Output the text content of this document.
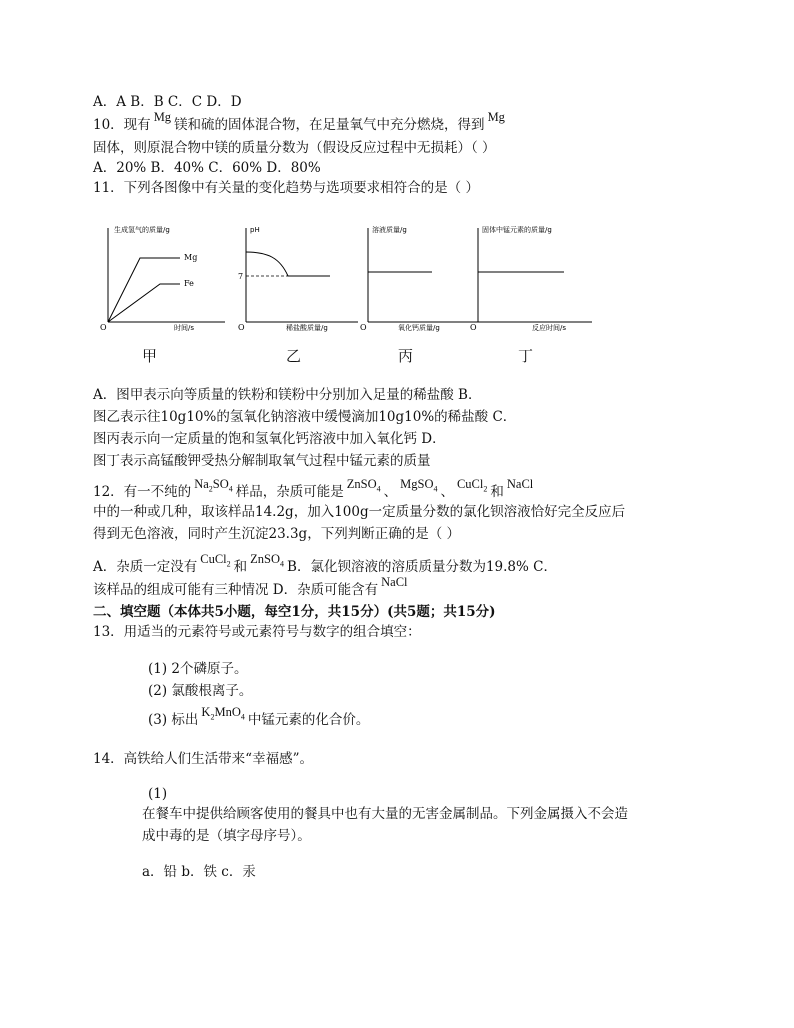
A．A B．B C．C D．D
10．现有 Mg 镁和硫的固体混合物，在足量氧气中充分燃烧，得到 Mg
固体，则原混合物中镁的质量分数为（假设反应过程中无损耗）（ ）
A．20% B．40% C．60% D．80%
11．下列各图像中有关量的变化趋势与选项要求相符合的是（ ）
生成氢气的质量/g
Mg
Fe
O	时间/s
pH
7
O	稀盐酸质量/g
溶液质量/g
O	氧化钙质量/g
固体中锰元素的质量/g
O	反应时间/s
甲	乙	丙	丁
A．图甲表示向等质量的铁粉和镁粉中分别加入足量的稀盐酸 B．
图乙表示往10g10%的氢氧化钠溶液中缓慢滴加10g10%的稀盐酸 C．
图丙表示向一定质量的饱和氢氧化钙溶液中加入氧化钙 D．
图丁表示高锰酸钾受热分解制取氧气过程中锰元素的质量
12．有一不纯的 $Na_2SO_4$ 样品，杂质可能是 ZnSO$_4$ 、 MgSO$_4$ 、 CuCl$_2$ 和 NaCl
中的一种或几种，取该样品14.2g，加入100g一定质量分数的氯化钡溶液恰好完全反应后
得到无色溶液，同时产生沉淀23.3g，下列判断正确的是（ ）
A．杂质一定没有 CuCl$_2$ 和 ZnSO$_4$ B．氯化钡溶液的溶质质量分数为19.8% C．
该样品的组成可能有三种情况 D．杂质可能含有 NaCl
二、填空题（本体共5小题，每空1分，共15分）(共5题；共15分)
13．用适当的元素符号或元素符号与数字的组合填空：
(1) 2个磷原子。
(2) 氯酸根离子。
(3) 标出 $K_2MnO_4$ 中锰元素的化合价。
14．高铁给人们生活带来“幸福感”。
(1)
在餐车中提供给顾客使用的餐具中也有大量的无害金属制品。下列金属摄入不会造
成中毒的是（填字母序号）。
a．铅 b．铁 c．汞
